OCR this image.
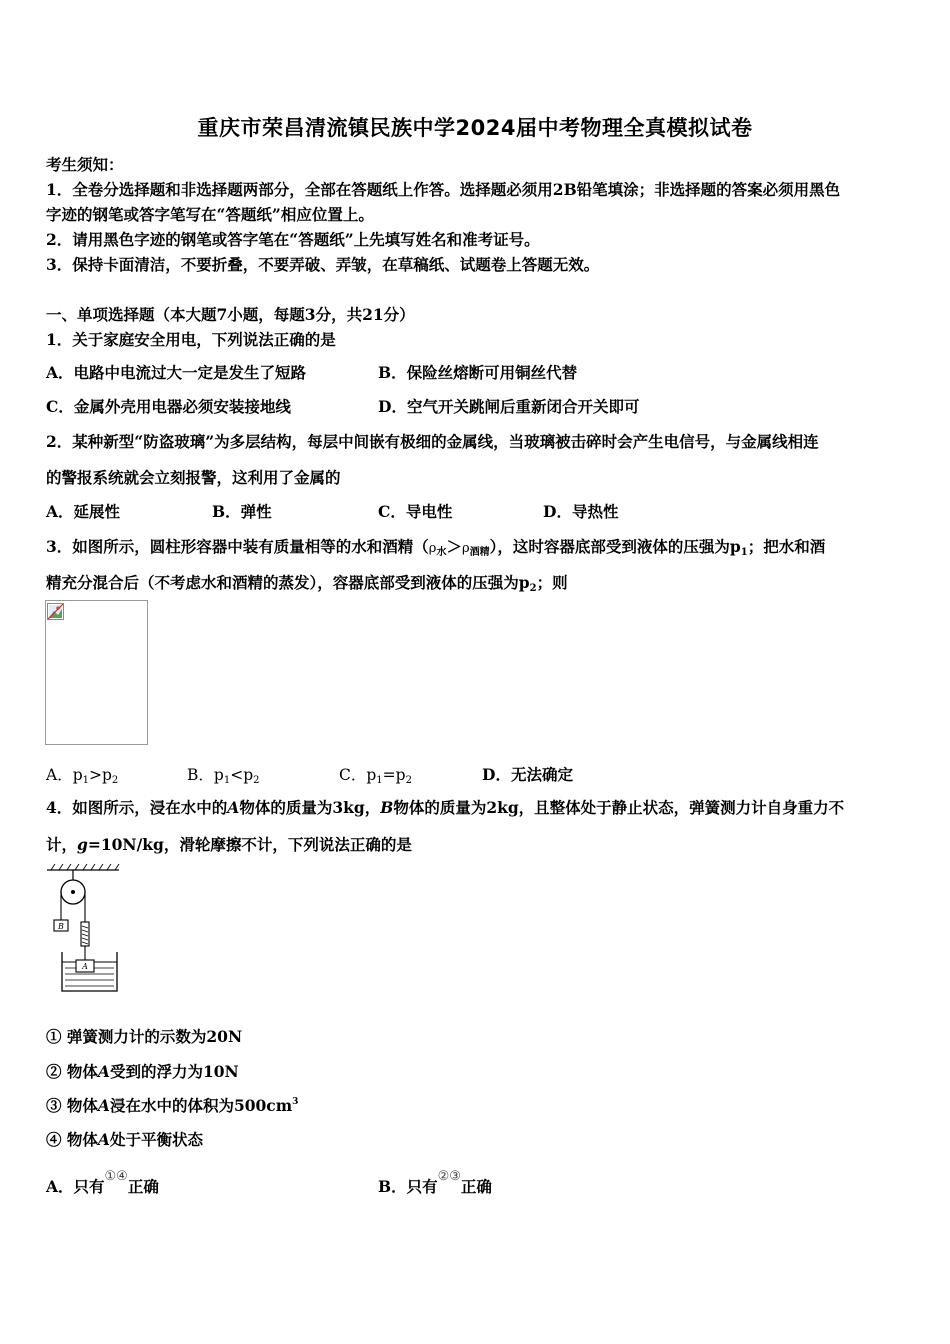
重庆市荣昌清流镇民族中学2024届中考物理全真模拟试卷
考生须知：
1．全卷分选择题和非选择题两部分，全部在答题纸上作答。选择题必须用2B铅笔填涂；非选择题的答案必须用黑色
字迹的钢笔或答字笔写在“答题纸”相应位置上。
2．请用黑色字迹的钢笔或答字笔在“答题纸”上先填写姓名和准考证号。
3．保持卡面清洁，不要折叠，不要弄破、弄皱，在草稿纸、试题卷上答题无效。
一、单项选择题（本大题7小题，每题3分，共21分）
1．关于家庭安全用电，下列说法正确的是
A．电路中电流过大一定是发生了短路	B．保险丝熔断可用铜丝代替
C．金属外壳用电器必须安装接地线	D．空气开关跳闸后重新闭合开关即可
2．某种新型“防盗玻璃”为多层结构，每层中间嵌有极细的金属线，当玻璃被击碎时会产生电信号，与金属线相连
的警报系统就会立刻报警，这利用了金属的
A．延展性	B．弹性	C．导电性	D．导热性
3．如图所示，圆柱形容器中装有质量相等的水和酒精$(\rho_水>\rho_{酒精})$，这时容器底部受到液体的压强为$p_1$；把水和酒
精充分混合后（不考虑水和酒精的蒸发），容器底部受到液体的压强为$p_2$；则
A．$p_1>p_2$	B．$p_1<p_2$	C．$p_1=p_2$	D．无法确定
4．如图所示，浸在水中的A物体的质量为3kg，B物体的质量为2kg，且整体处于静止状态，弹簧测力计自身重力不
计，g=10N/kg，滑轮摩擦不计，下列说法正确的是
B
A
① 弹簧测力计的示数为20N
② 物体A受到的浮力为10N
③ 物体A浸在水中的体积为$500cm^3$
④ 物体A处于平衡状态
A．只有①④正确	B．只有②③正确
